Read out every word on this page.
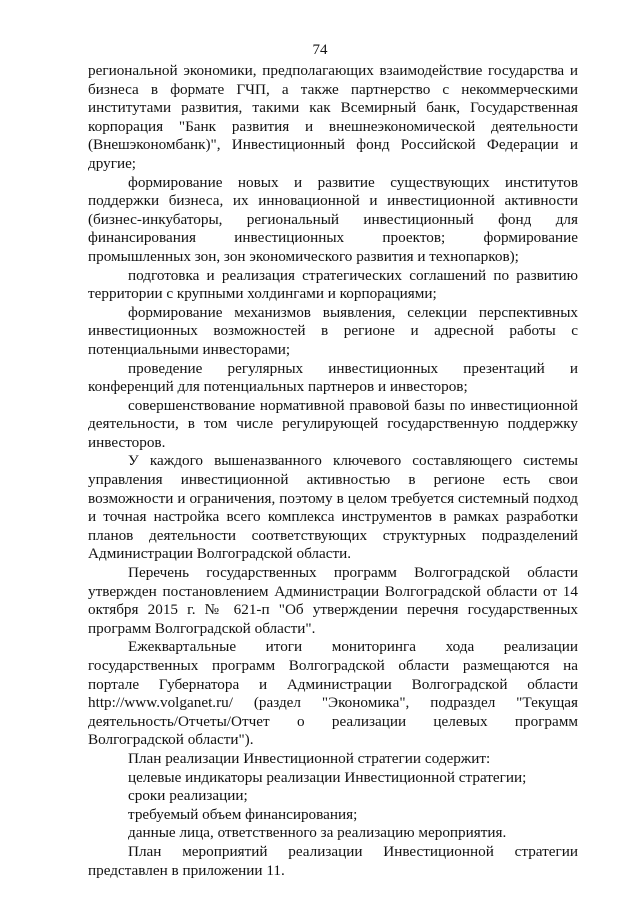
74

региональной экономики, предполагающих взаимодействие государства и бизнеса в формате ГЧП, а также партнерство с некоммерческими институтами развития, такими как Всемирный банк, Государственная корпорация "Банк развития и внешнеэкономической деятельности (Внешэкономбанк)", Инвестиционный фонд Российской Федерации и другие;

формирование новых и развитие существующих институтов поддержки бизнеса, их инновационной и инвестиционной активности (бизнес-инкубаторы, региональный инвестиционный фонд для финансирования инвестиционных проектов; формирование промышленных зон, зон экономического развития и технопарков);

подготовка и реализация стратегических соглашений по развитию территории с крупными холдингами и корпорациями;

формирование механизмов выявления, селекции перспективных инвестиционных возможностей в регионе и адресной работы с потенциальными инвесторами;

проведение регулярных инвестиционных презентаций и конференций для потенциальных партнеров и инвесторов;

совершенствование нормативной правовой базы по инвестиционной деятельности, в том числе регулирующей государственную поддержку инвесторов.

У каждого вышеназванного ключевого составляющего системы управления инвестиционной активностью в регионе есть свои возможности и ограничения, поэтому в целом требуется системный подход и точная настройка всего комплекса инструментов в рамках разработки планов деятельности соответствующих структурных подразделений Администрации Волгоградской области.

Перечень государственных программ Волгоградской области утвержден постановлением Администрации Волгоградской области от 14 октября 2015 г. № 621-п "Об утверждении перечня государственных программ Волгоградской области".

Ежеквартальные итоги мониторинга хода реализации государственных программ Волгоградской области размещаются на портале Губернатора и Администрации Волгоградской области http://www.volganet.ru/ (раздел "Экономика", подраздел "Текущая деятельность/Отчеты/Отчет о реализации целевых программ Волгоградской области").

План реализации Инвестиционной стратегии содержит:

целевые индикаторы реализации Инвестиционной стратегии;

сроки реализации;

требуемый объем финансирования;

данные лица, ответственного за реализацию мероприятия.

План мероприятий реализации Инвестиционной стратегии представлен в приложении 11.
